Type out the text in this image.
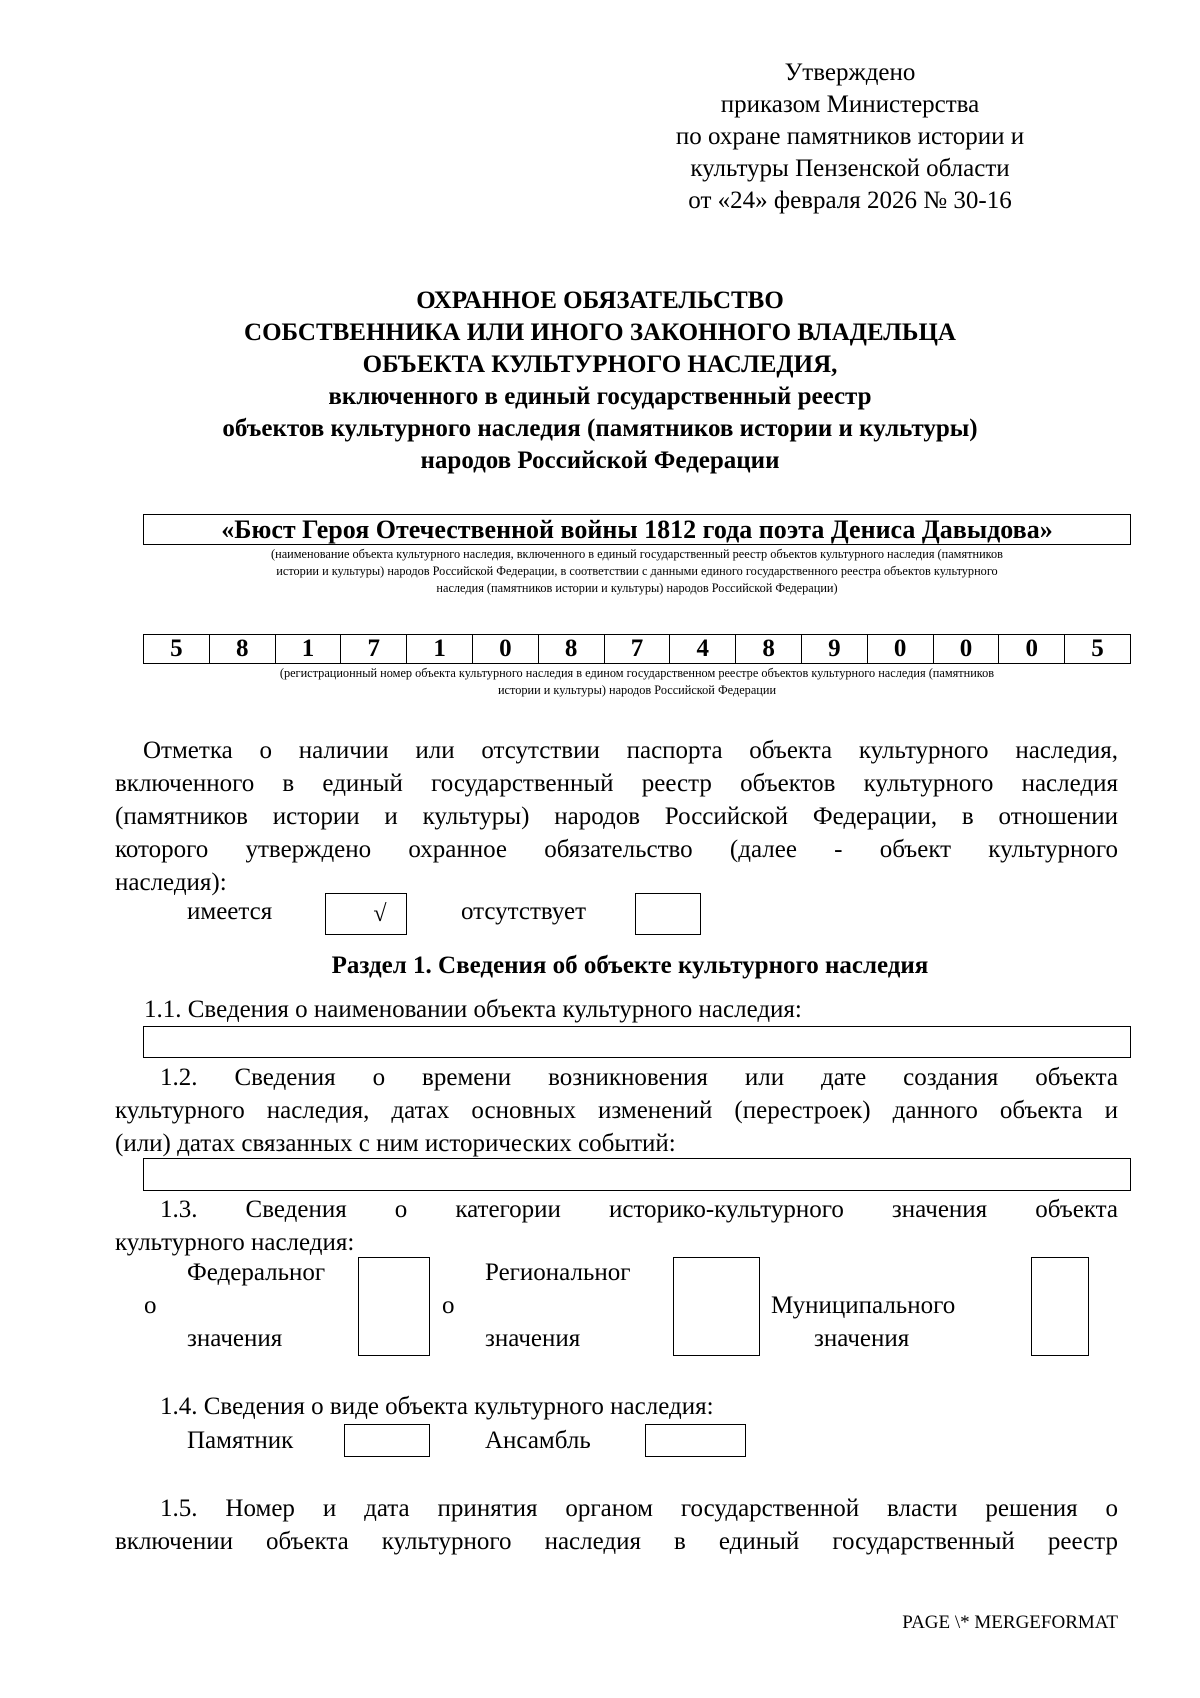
Утверждено
приказом Министерства
по охране памятников истории и
культуры Пензенской области
от «24» февраля 2026 № 30-16
ОХРАННОЕ ОБЯЗАТЕЛЬСТВО
СОБСТВЕННИКА ИЛИ ИНОГО ЗАКОННОГО ВЛАДЕЛЬЦА
ОБЪЕКТА КУЛЬТУРНОГО НАСЛЕДИЯ,
включенного в единый государственный реестр
объектов культурного наследия (памятников истории и культуры)
народов Российской Федерации
«Бюст Героя Отечественной войны 1812 года поэта Дениса Давыдова»
(наименование объекта культурного наследия, включенного в единый государственный реестр объектов культурного наследия (памятников
истории и культуры) народов Российской Федерации, в соответствии с данными единого государственного реестра объектов культурного
наследия (памятников истории и культуры) народов Российской Федерации)
5	8	1	7	1	0	8	7	4	8	9	0	0	0	5
(регистрационный номер объекта культурного наследия в едином государственном реестре объектов культурного наследия (памятников
истории и культуры) народов Российской Федерации
Отметка о наличии или отсутствии паспорта объекта культурного наследия,
включенного в единый государственный реестр объектов культурного наследия
(памятников истории и культуры) народов Российской Федерации, в отношении
которого утверждено охранное обязательство (далее - объект культурного
наследия):
имеется	√	отсутствует
Раздел 1. Сведения об объекте культурного наследия
1.1. Сведения о наименовании объекта культурного наследия:
1.2. Сведения о времени возникновения или дате создания объекта
культурного наследия, датах основных изменений (перестроек) данного объекта и
(или) датах связанных с ним исторических событий:
1.3. Сведения о категории историко-культурного значения объекта
культурного наследия:
Федеральног
о
значения
Региональног
о
значения
Муниципального
значения
1.4. Сведения о виде объекта культурного наследия:
Памятник	Ансамбль
1.5. Номер и дата принятия органом государственной власти решения о
включении объекта культурного наследия в единый государственный реестр
PAGE \* MERGEFORMAT
